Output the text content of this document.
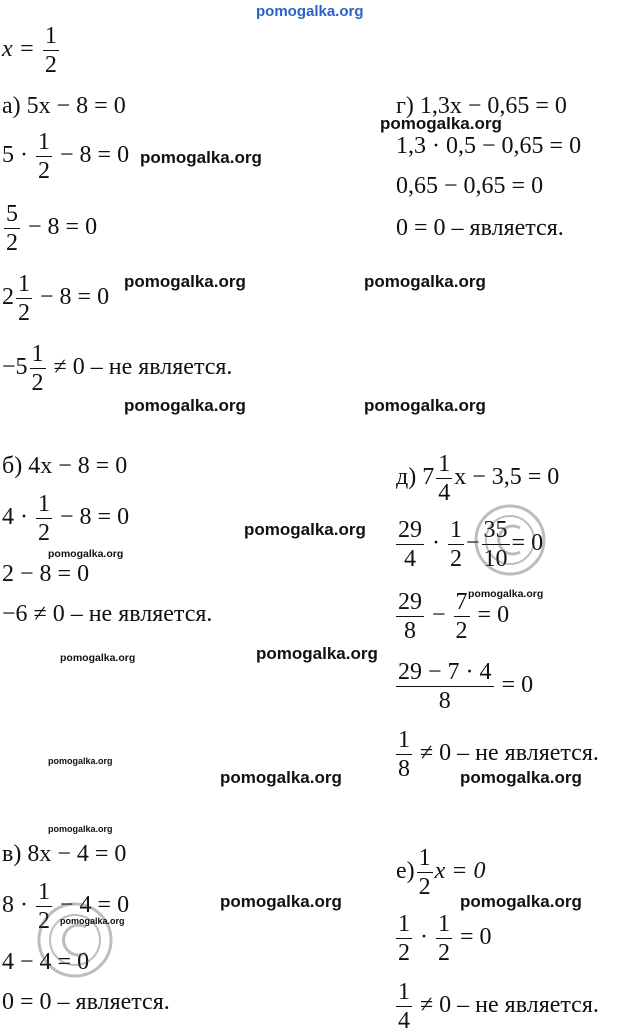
pomogalka.org
$x = \frac{1}{2}$
а) 5x − 8 = 0
$5 \cdot \frac{1}{2} - 8 = 0$
$\frac{5}{2} - 8 = 0$
$2 \frac{1}{2} - 8 = 0$
$-5 \frac{1}{2} \ne 0$ – не является.
б) 4x − 8 = 0
$4 \cdot \frac{1}{2} - 8 = 0$
2 − 8 = 0
−6 ≠ 0 – не является.
в) 8x − 4 = 0
$8 \cdot \frac{1}{2} - 4 = 0$
4 − 4 = 0
0 = 0 – является.
г) 1,3x − 0,65 = 0
1,3 · 0,5 − 0,65 = 0
0,65 − 0,65 = 0
0 = 0 – является.
д) $7 \frac{1}{4}$ x − 3,5 = 0
$\frac{29}{4} \cdot \frac{1}{2} - \frac{35}{10} = 0$
$\frac{29}{8} - \frac{7}{2} = 0$
$\frac{29 - 7 \cdot 4}{8} = 0$
$\frac{1}{8} \ne 0$ – не является.
$е) \frac{1}{2}$ x = 0
$\frac{1}{2} \cdot \frac{1}{2} = 0$
$\frac{1}{4} \ne 0$ – не является.
pomogalka.org
pomogalka.org
pomogalka.org	pomogalka.org
pomogalka.org	pomogalka.org
pomogalka.org
pomogalka.org
pomogalka.org
pomogalka.org
pomogalka.org
pomogalka.org
pomogalka.org	pomogalka.org
pomogalka.org
pomogalka.org	pomogalka.org
pomogalka.org
